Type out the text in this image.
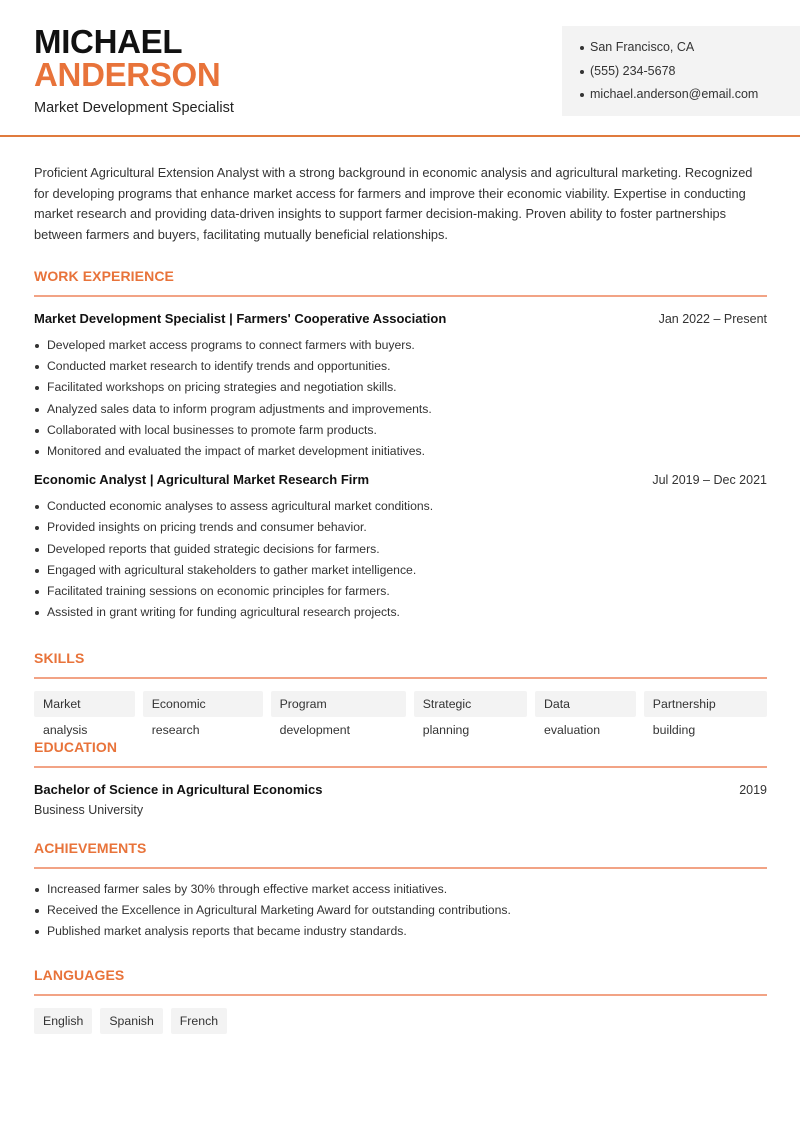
MICHAEL
ANDERSON
Market Development Specialist
San Francisco, CA
(555) 234-5678
michael.anderson@email.com

Proficient Agricultural Extension Analyst with a strong background in economic analysis and agricultural marketing. Recognized for developing programs that enhance market access for farmers and improve their economic viability. Expertise in conducting market research and providing data-driven insights to support farmer decision-making. Proven ability to foster partnerships between farmers and buyers, facilitating mutually beneficial relationships.

WORK EXPERIENCE
Market Development Specialist | Farmers' Cooperative Association	Jan 2022 – Present
Developed market access programs to connect farmers with buyers.
Conducted market research to identify trends and opportunities.
Facilitated workshops on pricing strategies and negotiation skills.
Analyzed sales data to inform program adjustments and improvements.
Collaborated with local businesses to promote farm products.
Monitored and evaluated the impact of market development initiatives.
Economic Analyst | Agricultural Market Research Firm	Jul 2019 – Dec 2021
Conducted economic analyses to assess agricultural market conditions.
Provided insights on pricing trends and consumer behavior.
Developed reports that guided strategic decisions for farmers.
Engaged with agricultural stakeholders to gather market intelligence.
Facilitated training sessions on economic principles for farmers.
Assisted in grant writing for funding agricultural research projects.
SKILLS
Market analysis
Economic research
Program development
Strategic planning
Data evaluation
Partnership building
EDUCATION
Bachelor of Science in Agricultural Economics	2019
Business University
ACHIEVEMENTS
Increased farmer sales by 30% through effective market access initiatives.
Received the Excellence in Agricultural Marketing Award for outstanding contributions.
Published market analysis reports that became industry standards.
LANGUAGES
English	Spanish	French
